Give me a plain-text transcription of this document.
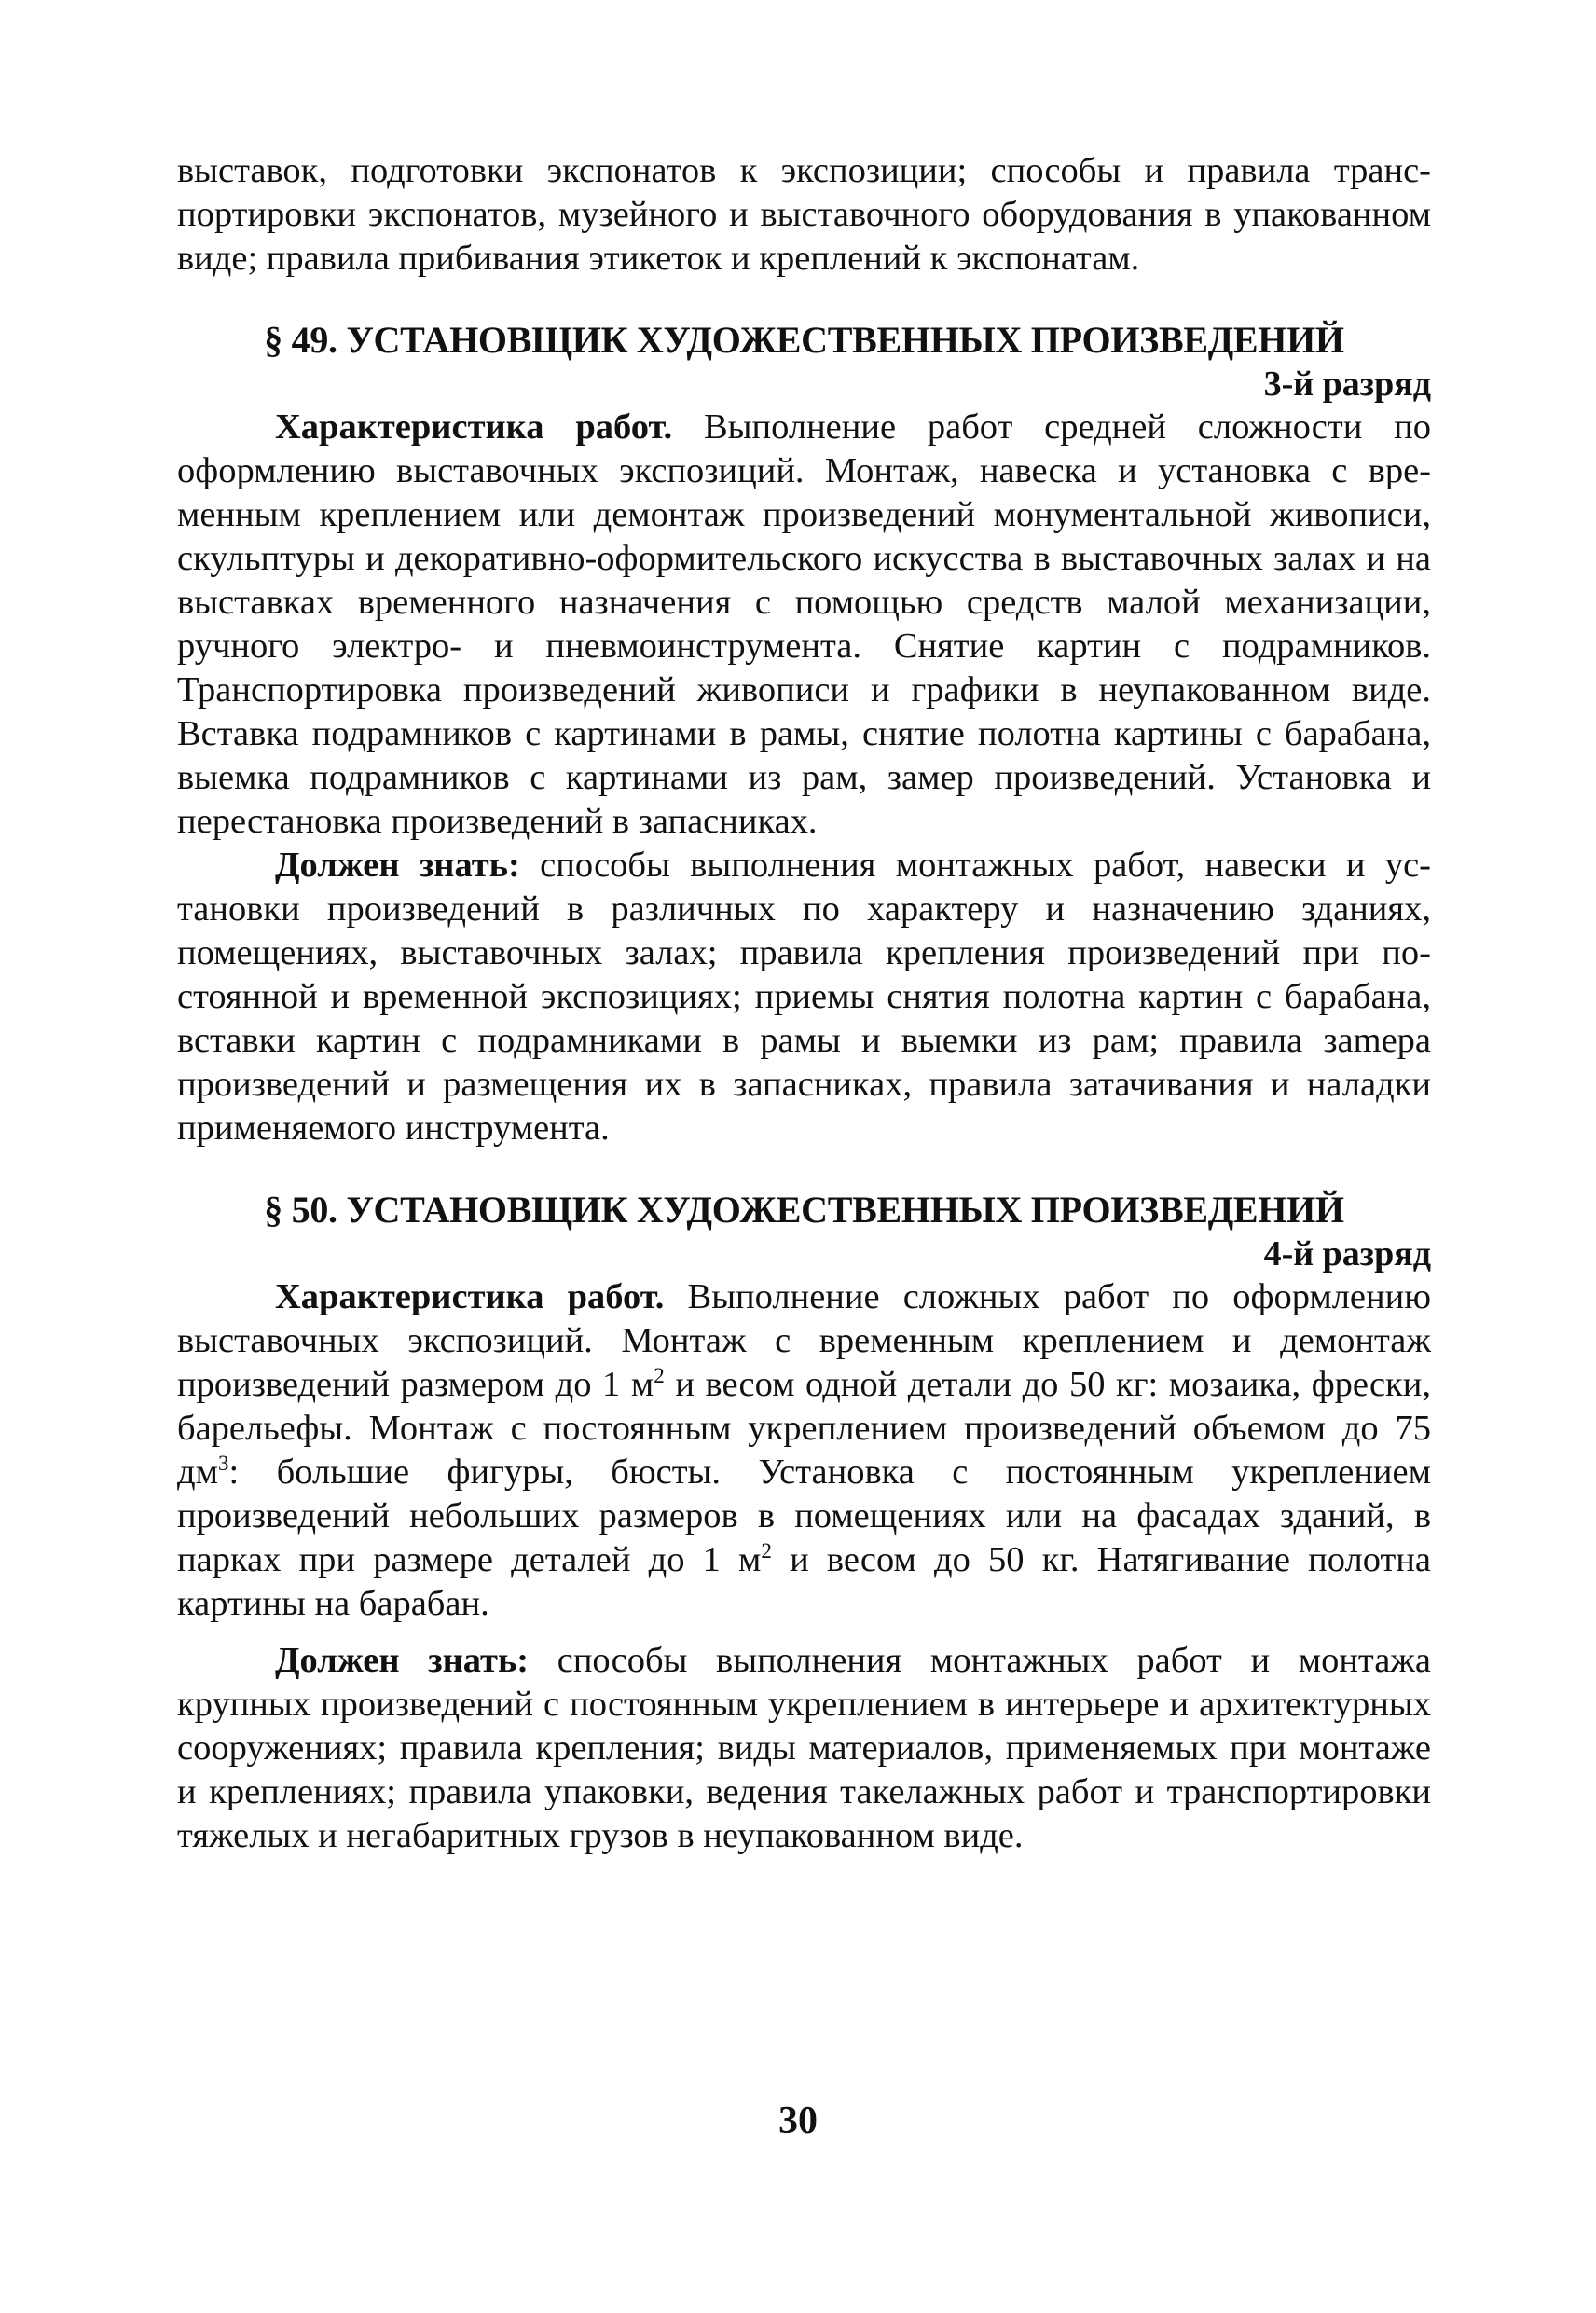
выставок, подготовки экспонатов к экспозиции; способы и правила транспортировки экспонатов, музейного и выставочного оборудования в упакованном виде; правила прибивания этикеток и креплений к экспонатам.

§ 49. УСТАНОВЩИК ХУДОЖЕСТВЕННЫХ ПРОИЗВЕДЕНИЙ

3-й разряд

Характеристика работ. Выполнение работ средней сложности по оформлению выставочных экспозиций. Монтаж, навеска и установка с временным креплением или демонтаж произведений монументальной живописи, скульптуры и декоративно-оформительского искусства в выставочных залах и на выставках временного назначения с помощью средств малой механизации, ручного электро- и пневмоинструмента. Снятие картин с подрамников. Транспортировка произведений живописи и графики в неупакованном виде. Вставка подрамников с картинами в рамы, снятие полотна картины с барабана, выемка подрамников с картинами из рам, замер произведений. Установка и перестановка произведений в запасниках.

Должен знать: способы выполнения монтажных работ, навески и установки произведений в различных по характеру и назначению зданиях, помещениях, выставочных залах; правила крепления произведений при постоянной и временной экспозициях; приемы снятия полотна картин с барабана, вставки картин с подрамниками в рамы и выемки из рам; правила заmера произведений и размещения их в запасниках, правила затачивания и наладки применяемого инструмента.

§ 50. УСТАНОВЩИК ХУДОЖЕСТВЕННЫХ ПРОИЗВЕДЕНИЙ

4-й разряд

Характеристика работ. Выполнение сложных работ по оформлению выставочных экспозиций. Монтаж с временным креплением и демонтаж произведений размером до 1 $м^2$ и весом одной детали до 50 кг: мозаика, фрески, барельефы. Монтаж с постоянным укреплением произведений объемом до 75 $дм^3$: большие фигуры, бюсты. Установка с постоянным укреплением произведений небольших размеров в помещениях или на фасадах зданий, в парках при размере деталей до 1 $м^2$ и весом до 50 кг. Натягивание полотна картины на барабан.

Должен знать: способы выполнения монтажных работ и монтажа крупных произведений с постоянным укреплением в интерьере и архитектурных сооружениях; правила крепления; виды материалов, применяемых при монтаже и креплениях; правила упаковки, ведения такелажных работ и транспортировки тяжелых и негабаритных грузов в неупакованном виде.

30
